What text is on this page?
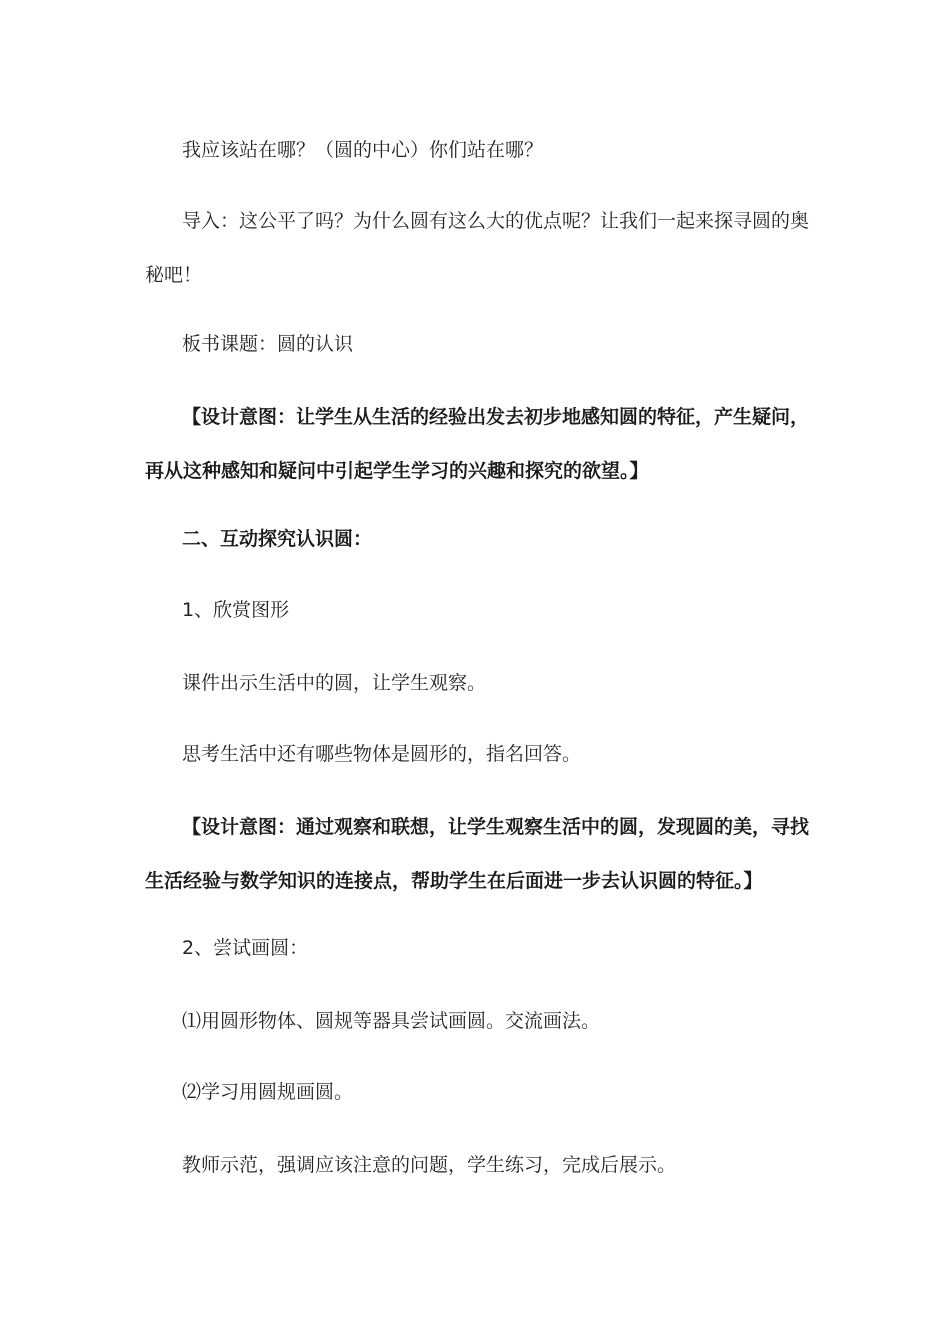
我应该站在哪？（圆的中心）你们站在哪？

导入：这公平了吗？为什么圆有这么大的优点呢？让我们一起来探寻圆的奥秘吧！

板书课题：圆的认识

【设计意图：让学生从生活的经验出发去初步地感知圆的特征，产生疑问，再从这种感知和疑问中引起学生学习的兴趣和探究的欲望。】

二、互动探究认识圆：

1、欣赏图形

课件出示生活中的圆，让学生观察。

思考生活中还有哪些物体是圆形的，指名回答。

【设计意图：通过观察和联想，让学生观察生活中的圆，发现圆的美，寻找生活经验与数学知识的连接点，帮助学生在后面进一步去认识圆的特征。】

2、尝试画圆：

⑴用圆形物体、圆规等器具尝试画圆。交流画法。

⑵学习用圆规画圆。

教师示范，强调应该注意的问题，学生练习，完成后展示。
